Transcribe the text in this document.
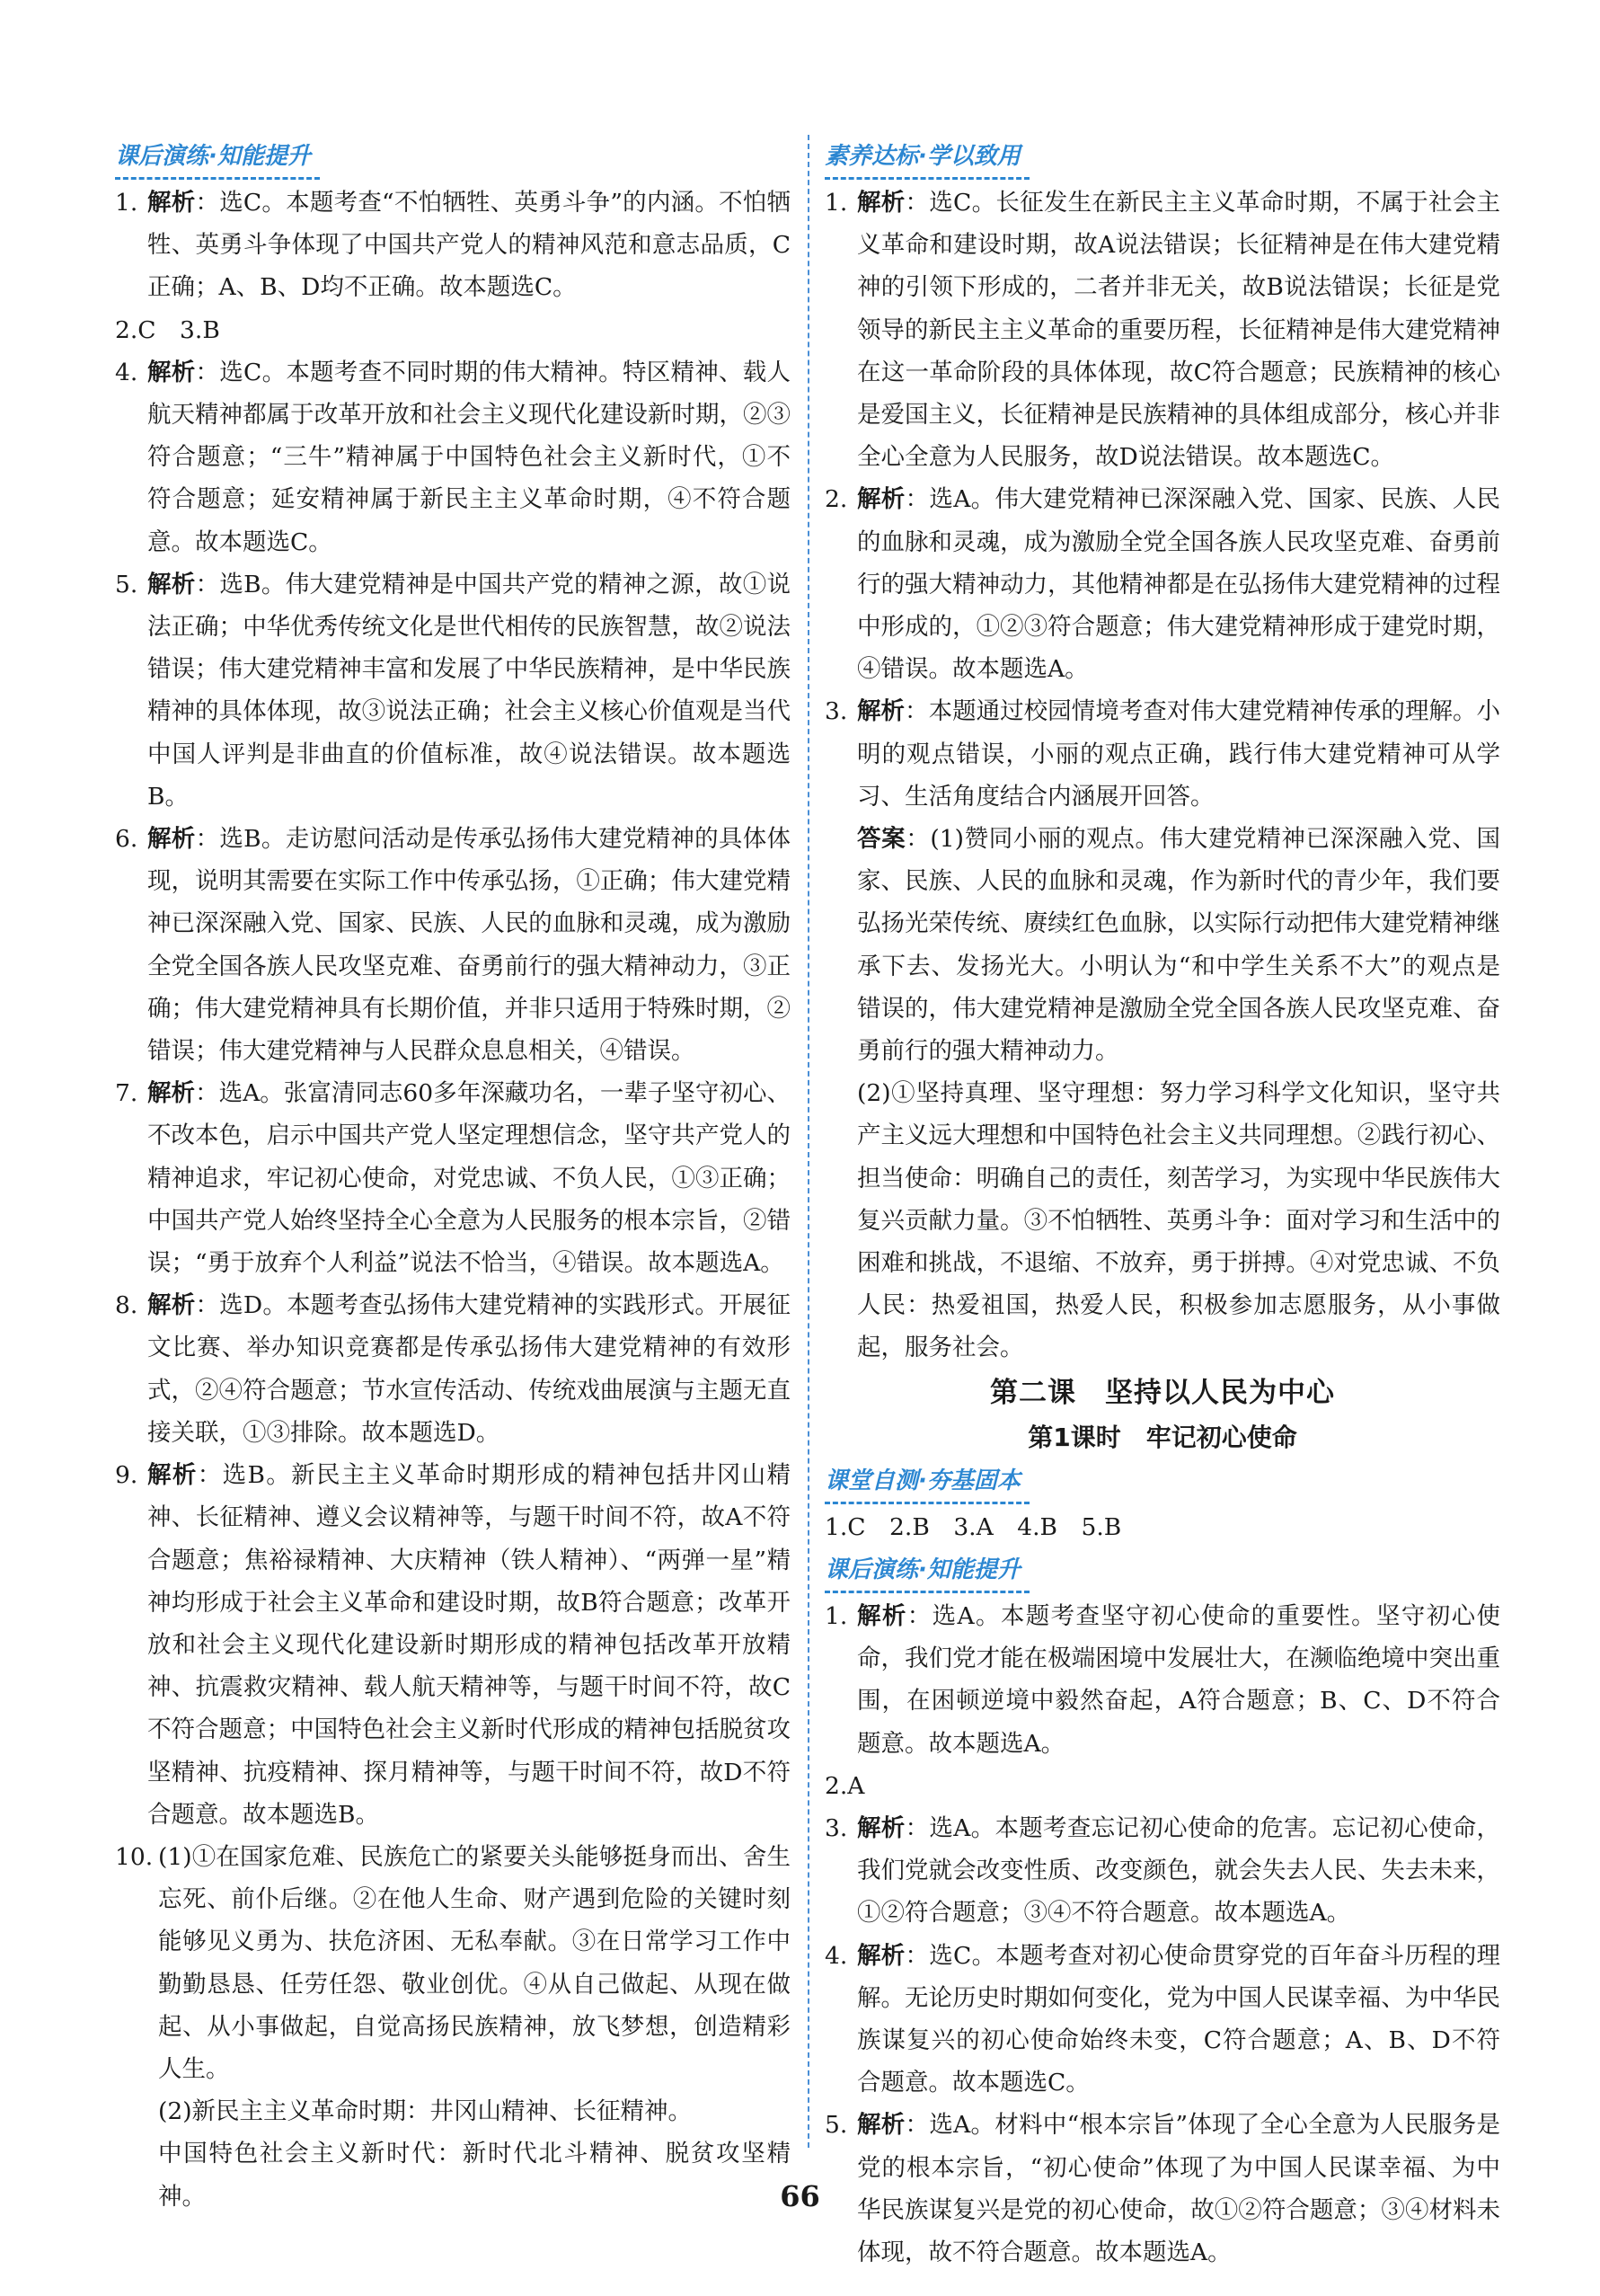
课后演练·知能提升
1. 解析：选C。本题考查“不怕牺牲、英勇斗争”的内涵。不怕牺牲、英勇斗争体现了中国共产党人的精神风范和意志品质，C正确；A、B、D均不正确。故本题选C。
2.C　3.B
4. 解析：选C。本题考查不同时期的伟大精神。特区精神、载人航天精神都属于改革开放和社会主义现代化建设新时期，②③符合题意；“三牛”精神属于中国特色社会主义新时代，①不符合题意；延安精神属于新民主主义革命时期，④不符合题意。故本题选C。
5. 解析：选B。伟大建党精神是中国共产党的精神之源，故①说法正确；中华优秀传统文化是世代相传的民族智慧，故②说法错误；伟大建党精神丰富和发展了中华民族精神，是中华民族精神的具体体现，故③说法正确；社会主义核心价值观是当代中国人评判是非曲直的价值标准，故④说法错误。故本题选B。
6. 解析：选B。走访慰问活动是传承弘扬伟大建党精神的具体体现，说明其需要在实际工作中传承弘扬，①正确；伟大建党精神已深深融入党、国家、民族、人民的血脉和灵魂，成为激励全党全国各族人民攻坚克难、奋勇前行的强大精神动力，③正确；伟大建党精神具有长期价值，并非只适用于特殊时期，②错误；伟大建党精神与人民群众息息相关，④错误。
7. 解析：选A。张富清同志60多年深藏功名，一辈子坚守初心、不改本色，启示中国共产党人坚定理想信念，坚守共产党人的精神追求，牢记初心使命，对党忠诚、不负人民，①③正确；中国共产党人始终坚持全心全意为人民服务的根本宗旨，②错误；“勇于放弃个人利益”说法不恰当，④错误。故本题选A。
8. 解析：选D。本题考查弘扬伟大建党精神的实践形式。开展征文比赛、举办知识竞赛都是传承弘扬伟大建党精神的有效形式，②④符合题意；节水宣传活动、传统戏曲展演与主题无直接关联，①③排除。故本题选D。
9. 解析：选B。新民主主义革命时期形成的精神包括井冈山精神、长征精神、遵义会议精神等，与题干时间不符，故A不符合题意；焦裕禄精神、大庆精神（铁人精神）、“两弹一星”精神均形成于社会主义革命和建设时期，故B符合题意；改革开放和社会主义现代化建设新时期形成的精神包括改革开放精神、抗震救灾精神、载人航天精神等，与题干时间不符，故C不符合题意；中国特色社会主义新时代形成的精神包括脱贫攻坚精神、抗疫精神、探月精神等，与题干时间不符，故D不符合题意。故本题选B。
10. (1)①在国家危难、民族危亡的紧要关头能够挺身而出、舍生忘死、前仆后继。②在他人生命、财产遇到危险的关键时刻能够见义勇为、扶危济困、无私奉献。③在日常学习工作中勤勤恳恳、任劳任怨、敬业创优。④从自己做起、从现在做起、从小事做起，自觉高扬民族精神，放飞梦想，创造精彩人生。
(2)新民主主义革命时期：井冈山精神、长征精神。
中国特色社会主义新时代：新时代北斗精神、脱贫攻坚精神。
素养达标·学以致用
1. 解析：选C。长征发生在新民主主义革命时期，不属于社会主义革命和建设时期，故A说法错误；长征精神是在伟大建党精神的引领下形成的，二者并非无关，故B说法错误；长征是党领导的新民主主义革命的重要历程，长征精神是伟大建党精神在这一革命阶段的具体体现，故C符合题意；民族精神的核心是爱国主义，长征精神是民族精神的具体组成部分，核心并非全心全意为人民服务，故D说法错误。故本题选C。
2. 解析：选A。伟大建党精神已深深融入党、国家、民族、人民的血脉和灵魂，成为激励全党全国各族人民攻坚克难、奋勇前行的强大精神动力，其他精神都是在弘扬伟大建党精神的过程中形成的，①②③符合题意；伟大建党精神形成于建党时期，④错误。故本题选A。
3. 解析：本题通过校园情境考查对伟大建党精神传承的理解。小明的观点错误，小丽的观点正确，践行伟大建党精神可从学习、生活角度结合内涵展开回答。
答案：(1)赞同小丽的观点。伟大建党精神已深深融入党、国家、民族、人民的血脉和灵魂，作为新时代的青少年，我们要弘扬光荣传统、赓续红色血脉，以实际行动把伟大建党精神继承下去、发扬光大。小明认为“和中学生关系不大”的观点是错误的，伟大建党精神是激励全党全国各族人民攻坚克难、奋勇前行的强大精神动力。
(2)①坚持真理、坚守理想：努力学习科学文化知识，坚守共产主义远大理想和中国特色社会主义共同理想。②践行初心、担当使命：明确自己的责任，刻苦学习，为实现中华民族伟大复兴贡献力量。③不怕牺牲、英勇斗争：面对学习和生活中的困难和挑战，不退缩、不放弃，勇于拼搏。④对党忠诚、不负人民：热爱祖国，热爱人民，积极参加志愿服务，从小事做起，服务社会。
第二课　坚持以人民为中心
第1课时　牢记初心使命
课堂自测·夯基固本
1.C　2.B　3.A　4.B　5.B
课后演练·知能提升
1. 解析：选A。本题考查坚守初心使命的重要性。坚守初心使命，我们党才能在极端困境中发展壮大，在濒临绝境中突出重围，在困顿逆境中毅然奋起，A符合题意；B、C、D不符合题意。故本题选A。
2.A
3. 解析：选A。本题考查忘记初心使命的危害。忘记初心使命，我们党就会改变性质、改变颜色，就会失去人民、失去未来，①②符合题意；③④不符合题意。故本题选A。
4. 解析：选C。本题考查对初心使命贯穿党的百年奋斗历程的理解。无论历史时期如何变化，党为中国人民谋幸福、为中华民族谋复兴的初心使命始终未变，C符合题意；A、B、D不符合题意。故本题选C。
5. 解析：选A。材料中“根本宗旨”体现了全心全意为人民服务是党的根本宗旨，“初心使命”体现了为中国人民谋幸福、为中华民族谋复兴是党的初心使命，故①②符合题意；③④材料未体现，故不符合题意。故本题选A。
66
